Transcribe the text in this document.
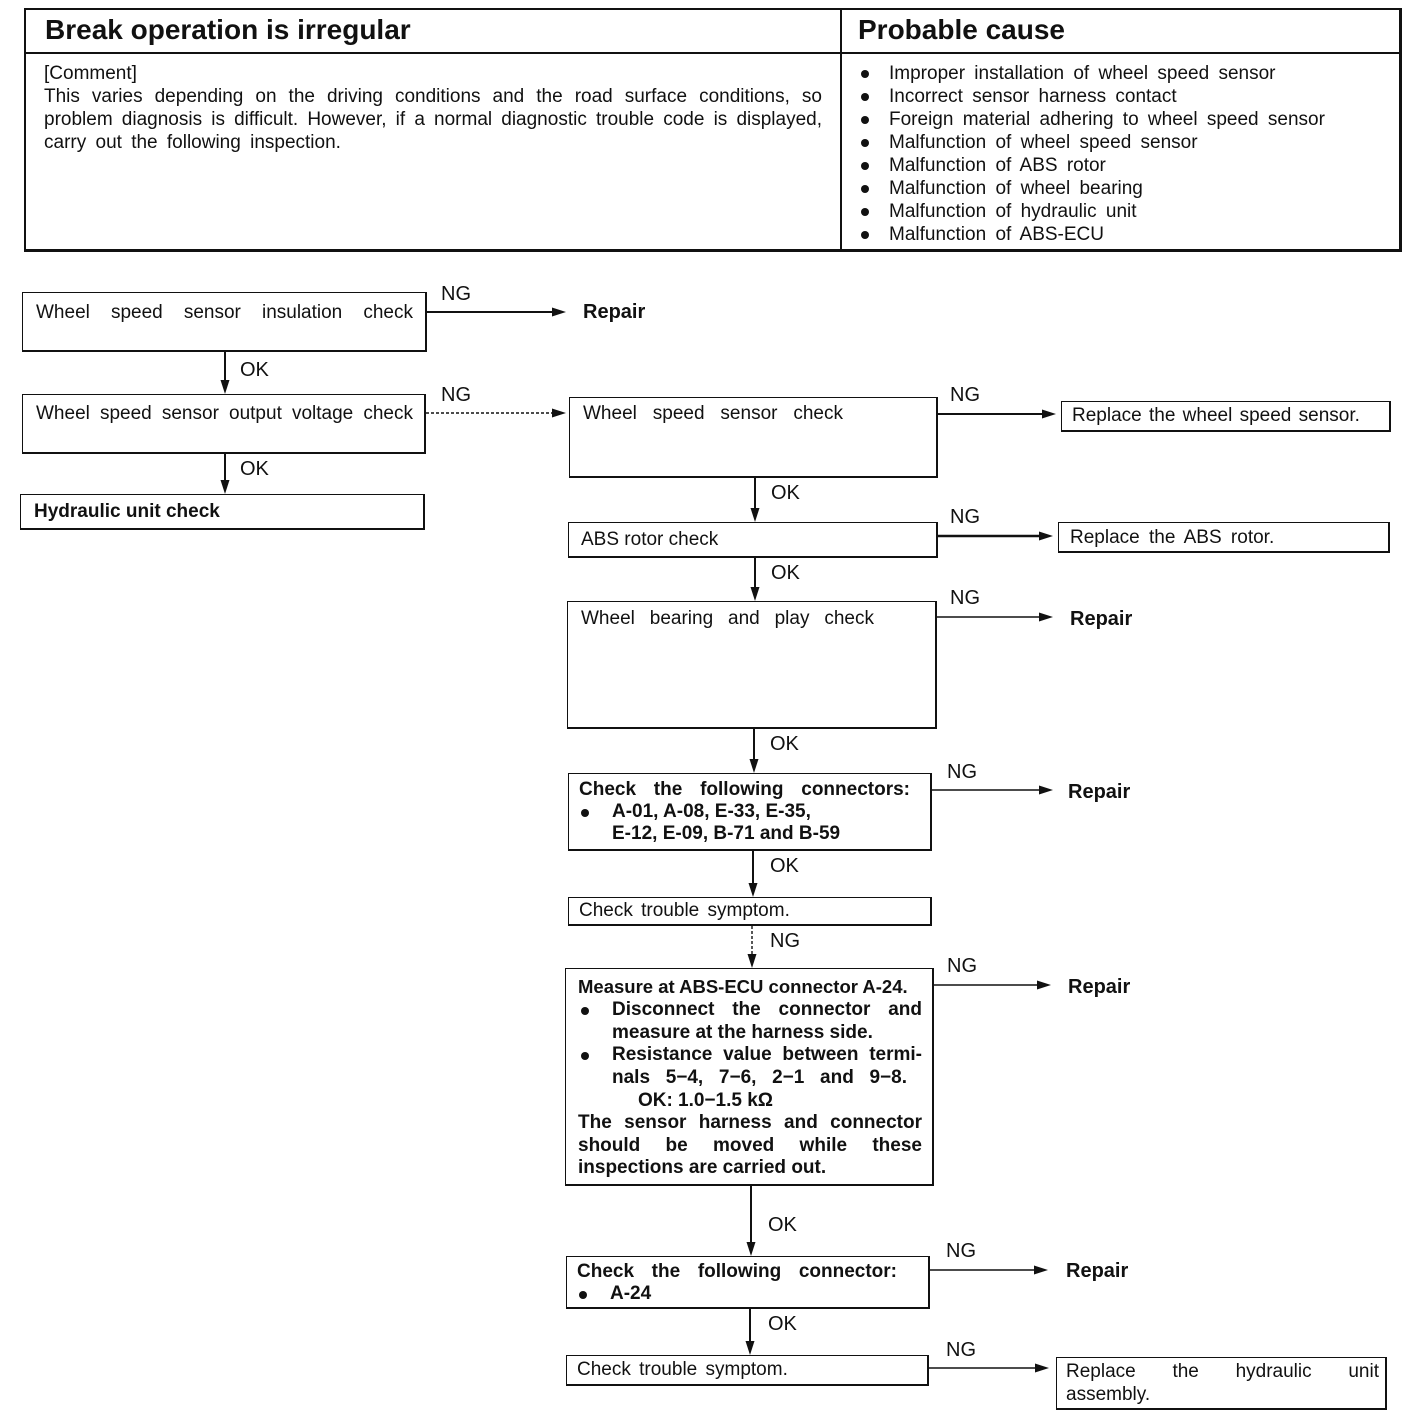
Break operation is irregular	Probable cause
[Comment]
This varies depending on the driving conditions and the road surface conditions, so
problem diagnosis is difficult. However, if a normal diagnostic trouble code is displayed,
carry out the following inspection.
Improper installation of wheel speed sensor
Incorrect sensor harness contact
Foreign material adhering to wheel speed sensor
Malfunction of wheel speed sensor
Malfunction of ABS rotor
Malfunction of wheel bearing
Malfunction of hydraulic unit
Malfunction of ABS-ECU
Wheel speed sensor insulation check
Wheel speed sensor output voltage check
Hydraulic unit check
Wheel speed sensor check
ABS rotor check
Wheel bearing and play check
Check the following connectors:
A-01, A-08, E-33, E-35,
E-12, E-09, B-71 and B-59
Check trouble symptom.
Measure at ABS-ECU connector A-24.
Disconnect the connector and
measure at the harness side.
Resistance value between termi-
nals 5−4, 7−6, 2−1 and 9−8.
OK: 1.0−1.5 kΩ
The sensor harness and connector
should be moved while these
inspections are carried out.
Check the following connector:
A-24
Check trouble symptom.
Replace the wheel speed sensor.
Replace the ABS rotor.
Replace the hydraulic unit
assembly.
Repair
Repair
Repair
Repair
Repair
NG
NG	NG
NG
NG
NG
NG
NG
NG
NG
OK
OK
OK
OK
OK
OK
OK
OK
